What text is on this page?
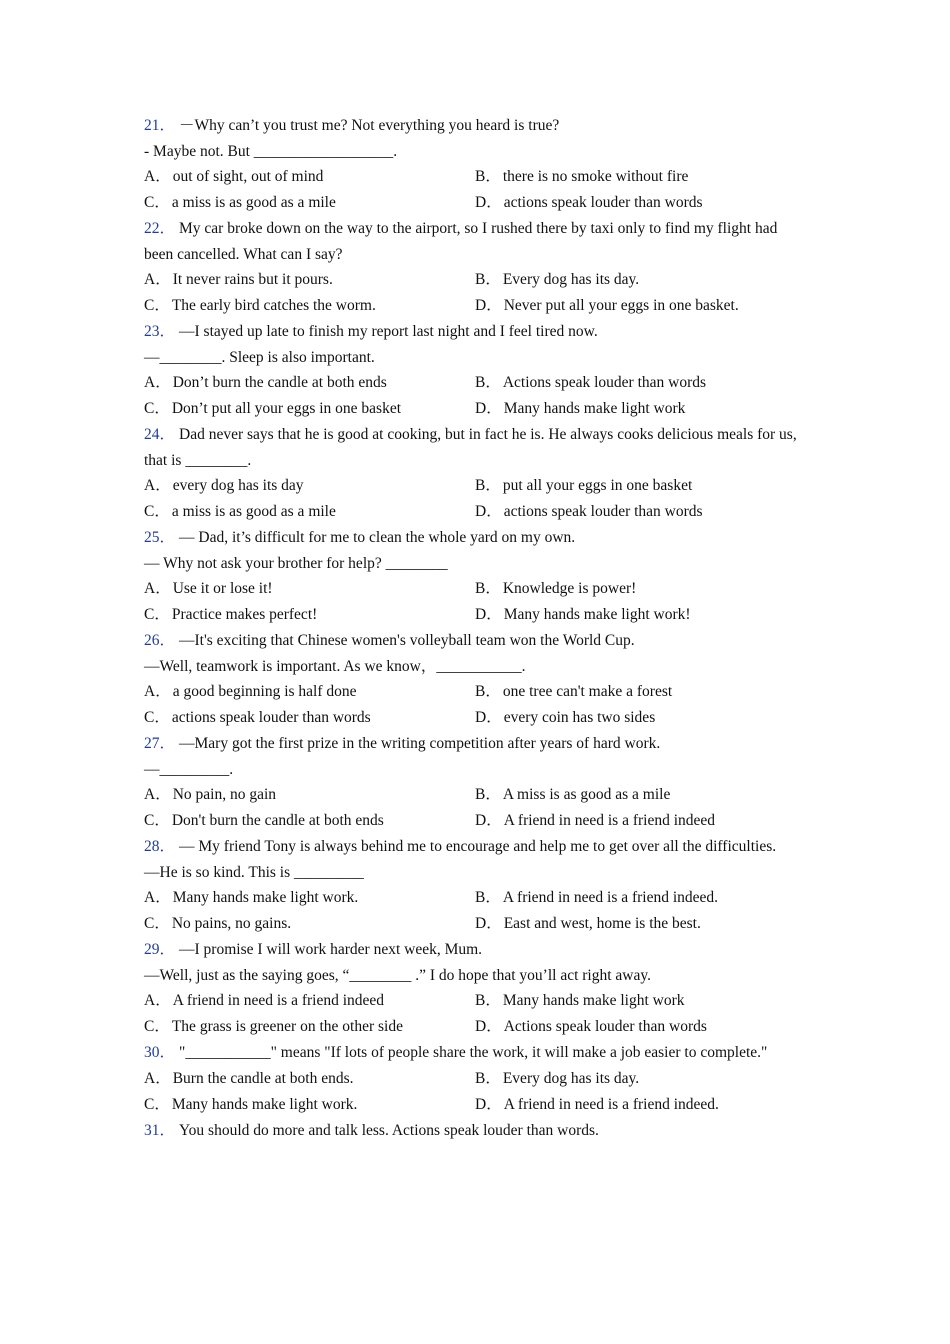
21． －Why can’t you trust me? Not everything you heard is true?
- Maybe not. But __________________.
A． out of sight, out of mind	B． there is no smoke without fire
C． a miss is as good as a mile	D． actions speak louder than words
22． My car broke down on the way to the airport, so I rushed there by taxi only to find my flight had been cancelled. What can I say?
A． It never rains but it pours.	B． Every dog has its day.
C． The early bird catches the worm.	D． Never put all your eggs in one basket.
23． —I stayed up late to finish my report last night and I feel tired now.
—________. Sleep is also important.
A． Don’t burn the candle at both ends	B． Actions speak louder than words
C． Don’t put all your eggs in one basket	D． Many hands make light work
24． Dad never says that he is good at cooking, but in fact he is. He always cooks delicious meals for us, that is ________.
A． every dog has its day	B． put all your eggs in one basket
C． a miss is as good as a mile	D． actions speak louder than words
25． — Dad, it’s difficult for me to clean the whole yard on my own.
— Why not ask your brother for help? ________
A． Use it or lose it!	B． Knowledge is power!
C． Practice makes perfect!	D． Many hands make light work!
26． —It's exciting that Chinese women's volleyball team won the World Cup.
—Well, teamwork is important. As we know，___________.
A． a good beginning is half done	B． one tree can't make a forest
C． actions speak louder than words	D． every coin has two sides
27． —Mary got the first prize in the writing competition after years of hard work.
—_________.
A． No pain, no gain	B． A miss is as good as a mile
C． Don't burn the candle at both ends	D． A friend in need is a friend indeed
28． — My friend Tony is always behind me to encourage and help me to get over all the difficulties.
—He is so kind. This is _________
A． Many hands make light work.	B． A friend in need is a friend indeed.
C． No pains, no gains.	D． East and west, home is the best.
29． —I promise I will work harder next week, Mum.
—Well, just as the saying goes, “________ .” I do hope that you’ll act right away.
A． A friend in need is a friend indeed	B． Many hands make light work
C． The grass is greener on the other side	D． Actions speak louder than words
30． "___________" means "If lots of people share the work, it will make a job easier to complete."
A． Burn the candle at both ends.	B． Every dog has its day.
C． Many hands make light work.	D． A friend in need is a friend indeed.
31． You should do more and talk less. Actions speak louder than words.
